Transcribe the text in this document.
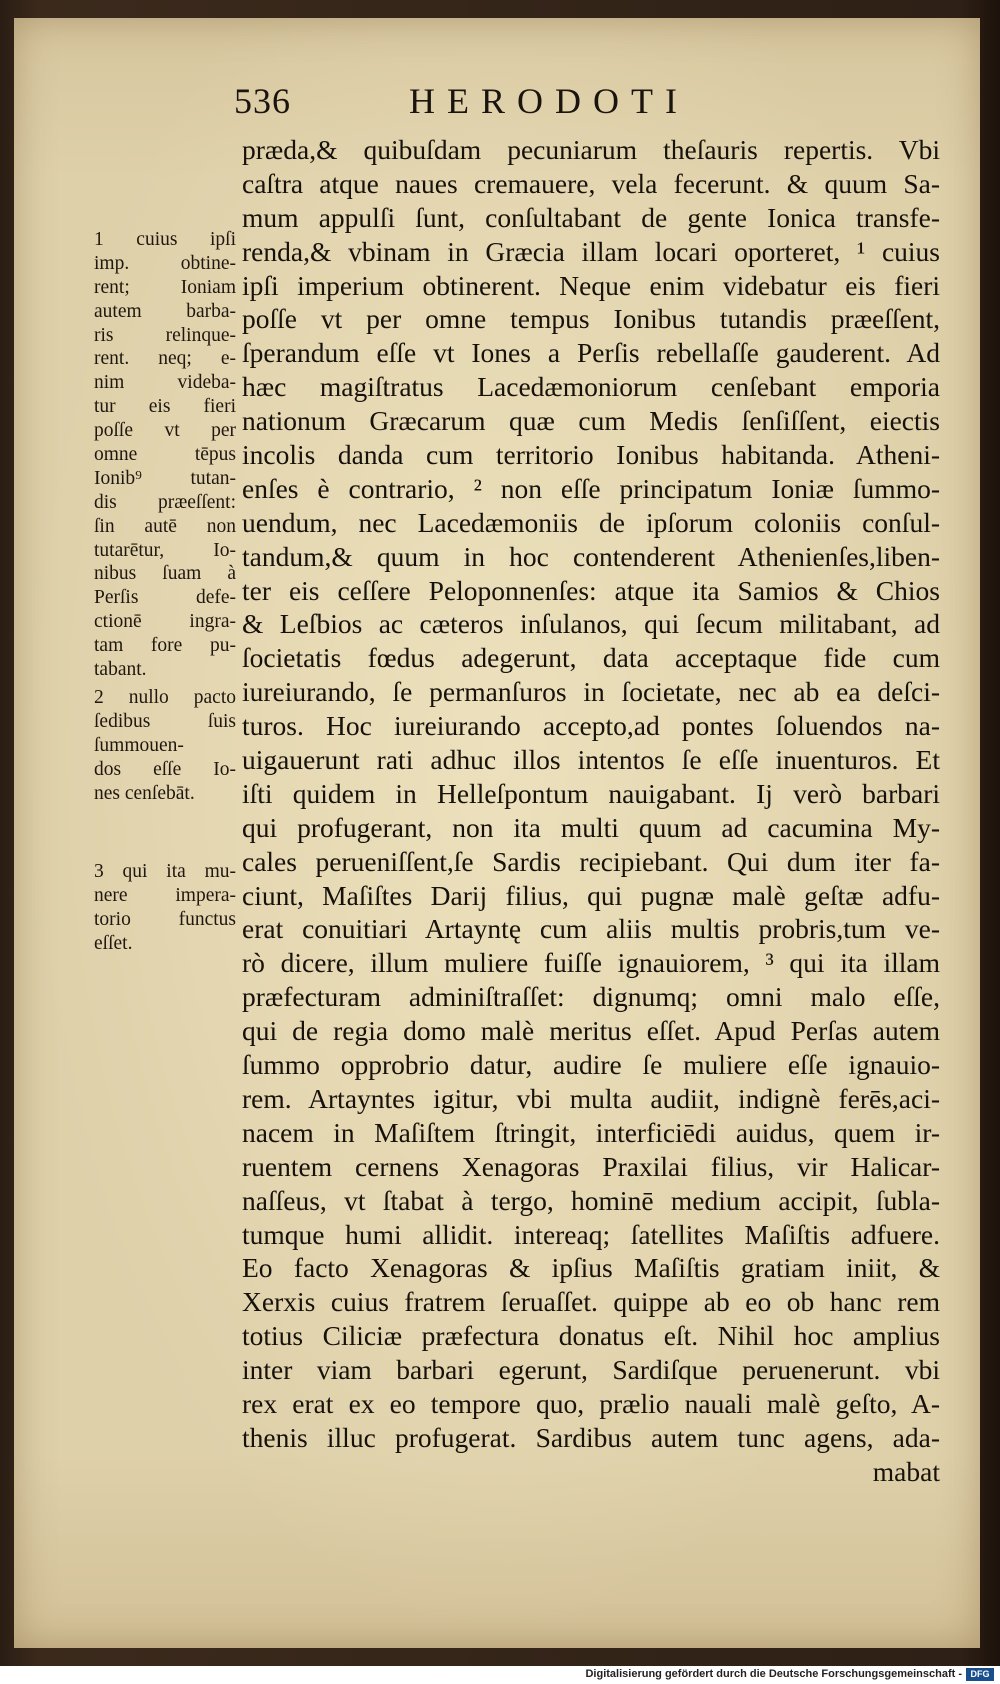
536	HERODOTI
præda,& quibuſdam pecuniarum theſauris repertis. Vbi
caſtra atque naues cremauere, vela fecerunt. & quum Sa-
mum appulſi ſunt, conſultabant de gente Ionica transfe-
renda,& vbinam in Græcia illam locari oporteret, ¹ cuius
ipſi imperium obtinerent. Neque enim videbatur eis fieri
poſſe vt per omne tempus Ionibus tutandis præeſſent,
ſperandum eſſe vt Iones a Perſis rebellaſſe gauderent. Ad
hæc magiſtratus Lacedæmoniorum cenſebant emporia
nationum Græcarum quæ cum Medis ſenſiſſent, eiectis
incolis danda cum territorio Ionibus habitanda. Atheni-
enſes è contrario, ² non eſſe principatum Ioniæ ſummo-
uendum, nec Lacedæmoniis de ipſorum coloniis conſul-
tandum,& quum in hoc contenderent Athenienſes,liben-
ter eis ceſſere Peloponnenſes: atque ita Samios & Chios
& Leſbios ac cæteros inſulanos, qui ſecum militabant, ad
ſocietatis fœdus adegerunt, data acceptaque fide cum
iureiurando, ſe permanſuros in ſocietate, nec ab ea deſci-
turos. Hoc iureiurando accepto,ad pontes ſoluendos na-
uigauerunt rati adhuc illos intentos ſe eſſe inuenturos. Et
iſti quidem in Helleſpontum nauigabant. Ij verò barbari
qui profugerant, non ita multi quum ad cacumina My-
cales perueniſſent,ſe Sardis recipiebant. Qui dum iter fa-
ciunt, Maſiſtes Darij filius, qui pugnæ malè geſtæ adfu-
erat conuitiari Artayntę cum aliis multis probris,tum ve-
rò dicere, illum muliere fuiſſe ignauiorem, ³ qui ita illam
præfecturam adminiſtraſſet: dignumq; omni malo eſſe,
qui de regia domo malè meritus eſſet. Apud Perſas autem
ſummo opprobrio datur, audire ſe muliere eſſe ignauio-
rem. Artayntes igitur, vbi multa audiit, indignè ferēs,aci-
nacem in Maſiſtem ſtringit, interficiēdi auidus, quem ir-
ruentem cernens Xenagoras Praxilai filius, vir Halicar-
naſſeus, vt ſtabat à tergo, hominē medium accipit, ſubla-
tumque humi allidit. intereaq; ſatellites Maſiſtis adfuere.
Eo facto Xenagoras & ipſius Maſiſtis gratiam iniit, &
Xerxis cuius fratrem ſeruaſſet. quippe ab eo ob hanc rem
totius Ciliciæ præfectura donatus eſt. Nihil hoc amplius
inter viam barbari egerunt, Sardiſque peruenerunt. vbi
rex erat ex eo tempore quo, prælio nauali malè geſto, A-
thenis illuc profugerat. Sardibus autem tunc agens, ada-
mabat
1 cuius ipſi
imp. obtine-
rent; Ioniam
autem barba-
ris relinque-
rent. neq; e-
nim videba-
tur eis fieri
poſſe vt per
omne tēpus
Ionib⁹ tutan-
dis præeſſent:
ſin autē non
tutarētur, Io-
nibus ſuam à
Perſis defe-
ctionē ingra-
tam fore pu-
tabant.
2 nullo pacto
ſedibus ſuis
ſummouen-
dos eſſe Io-
nes cenſebāt.
3 qui ita mu-
nere impera-
torio functus
eſſet.
Digitalisierung gefördert durch die Deutsche Forschungsgemeinschaft - DFG
